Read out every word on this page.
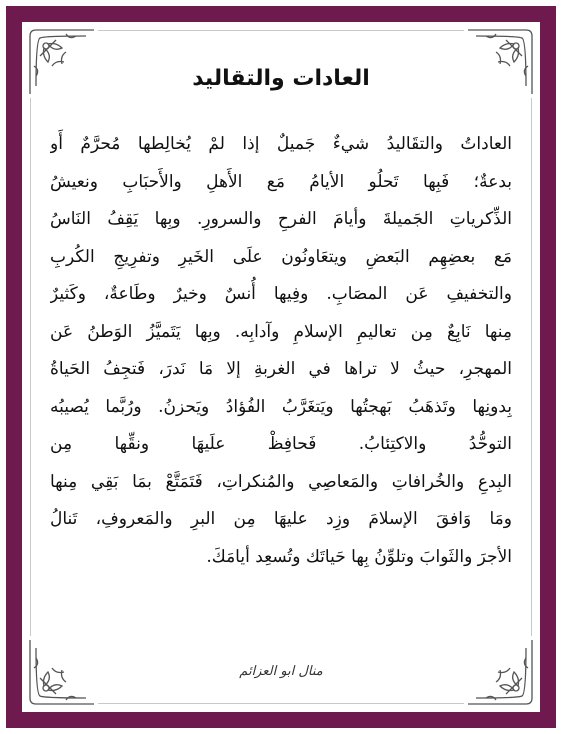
العادات والتقاليد
العاداتُ والتقَاليدُ شيءٌ جَميلٌ إذا لمْ يُخالِطها مُحرَّمٌ أَو
بدعةٌ؛ فَبِها تَحلُو الأيامُ مَع الأَهلِ والأَحبَابِ ونعيشُ
الذِّكرياتِ الجَميلةَ وأيامَ الفرحِ والسرورِ. وبِها يَقِفُ النَاسُ
مَع بعضِهِم البَعضِ ويتعَاونُون علَى الخَيرِ وتفرِيجِ الكُربِ
والتخفيفِ عَن المصَابِ. وفِيها أُنسٌ وخيرٌ وطَاعةٌ، وكَثيرٌ
مِنها نَابِعٌ مِن تعاليمِ الإسلامِ وآدابِه. وبِها يَتَميَّزُ الوَطنُ عَن
المهجرِ، حيثُ لا تراها في الغربةِ إلا مَا نَدرَ، فَتجِفُ الحَياةُ
بِدونِها وتَذهَبُ بَهجتُها ويَتغَرَّبُ الفُؤادُ ويَحزنُ. ورُبَّما يُصيبُه
التوحُّدُ والاكتِئابُ. فَحافِظْ علَيهَا ونقِّها مِن
البِدعِ والخُرافاتِ والمَعاصِي والمُنكراتِ، فَتَمَتَّعْ بمَا بَقِي مِنها
ومَا وَافقَ الإسلامَ وزِد عليهَا مِن البرِ والمَعروفِ، تَنالُ
الأجرَ والثَوابَ وتلوِّنُ بِها حَياتَك وتُسعِد أيامَكَ.
منال ابو العزائم
